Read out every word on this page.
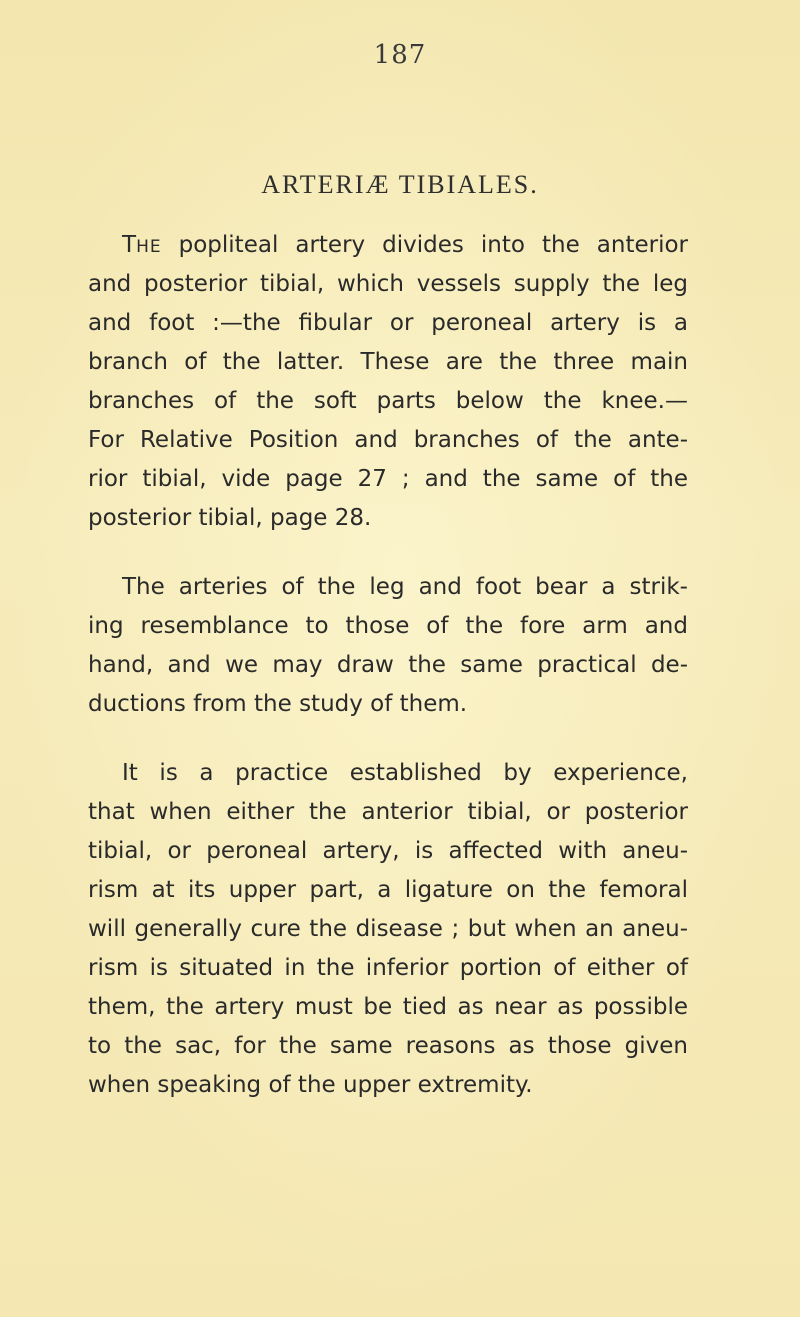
187
ARTERIÆ TIBIALES.
THE popliteal artery divides into the anterior
and posterior tibial, which vessels supply the leg
and foot :—the fibular or peroneal artery is a
branch of the latter. These are the three main
branches of the soft parts below the knee.—
For Relative Position and branches of the ante-
rior tibial, vide page 27 ; and the same of the
posterior tibial, page 28.
The arteries of the leg and foot bear a strik-
ing resemblance to those of the fore arm and
hand, and we may draw the same practical de-
ductions from the study of them.
It is a practice established by experience,
that when either the anterior tibial, or posterior
tibial, or peroneal artery, is affected with aneu-
rism at its upper part, a ligature on the femoral
will generally cure the disease ; but when an aneu-
rism is situated in the inferior portion of either of
them, the artery must be tied as near as possible
to the sac, for the same reasons as those given
when speaking of the upper extremity.
